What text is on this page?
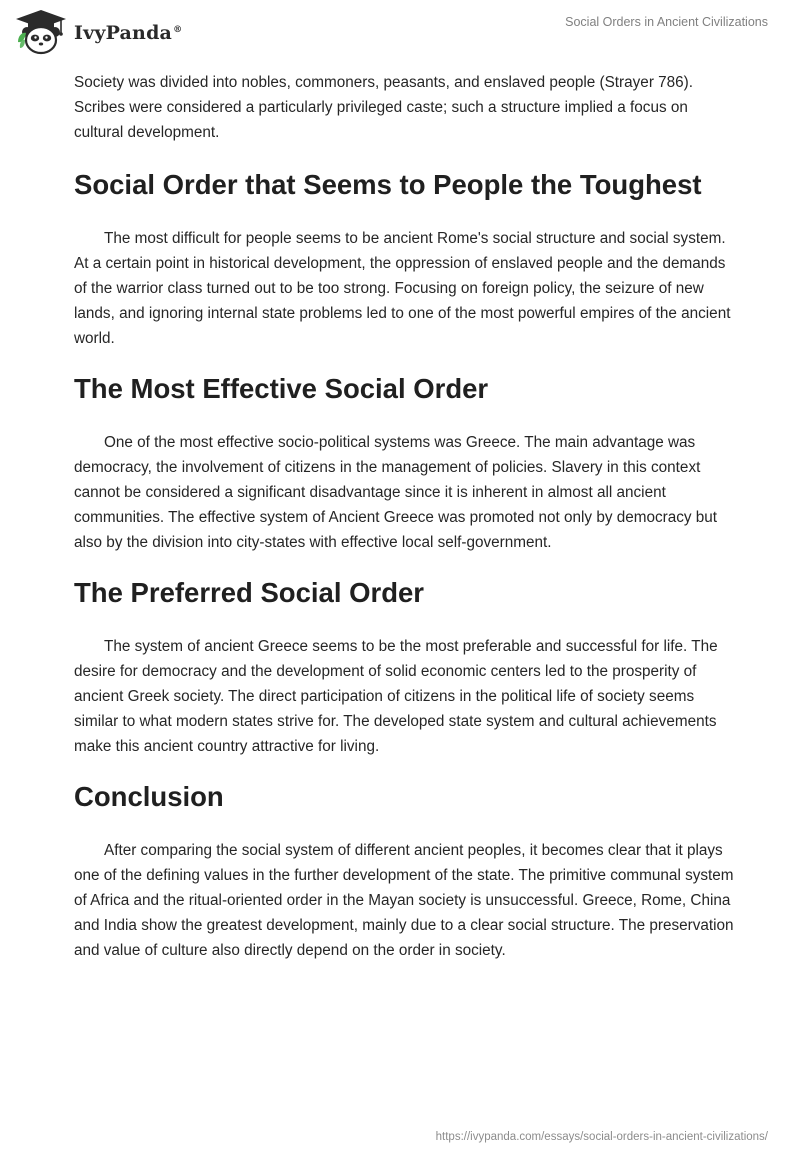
IvyPanda®
Social Orders in Ancient Civilizations

Society was divided into nobles, commoners, peasants, and enslaved people (Strayer 786). Scribes were considered a particularly privileged caste; such a structure implied a focus on cultural development.

Social Order that Seems to People the Toughest

The most difficult for people seems to be ancient Rome's social structure and social system. At a certain point in historical development, the oppression of enslaved people and the demands of the warrior class turned out to be too strong. Focusing on foreign policy, the seizure of new lands, and ignoring internal state problems led to one of the most powerful empires of the ancient world.

The Most Effective Social Order

One of the most effective socio-political systems was Greece. The main advantage was democracy, the involvement of citizens in the management of policies. Slavery in this context cannot be considered a significant disadvantage since it is inherent in almost all ancient communities. The effective system of Ancient Greece was promoted not only by democracy but also by the division into city-states with effective local self-government.

The Preferred Social Order

The system of ancient Greece seems to be the most preferable and successful for life. The desire for democracy and the development of solid economic centers led to the prosperity of ancient Greek society. The direct participation of citizens in the political life of society seems similar to what modern states strive for. The developed state system and cultural achievements make this ancient country attractive for living.

Conclusion

After comparing the social system of different ancient peoples, it becomes clear that it plays one of the defining values in the further development of the state. The primitive communal system of Africa and the ritual-oriented order in the Mayan society is unsuccessful. Greece, Rome, China and India show the greatest development, mainly due to a clear social structure. The preservation and value of culture also directly depend on the order in society.

https://ivypanda.com/essays/social-orders-in-ancient-civilizations/
